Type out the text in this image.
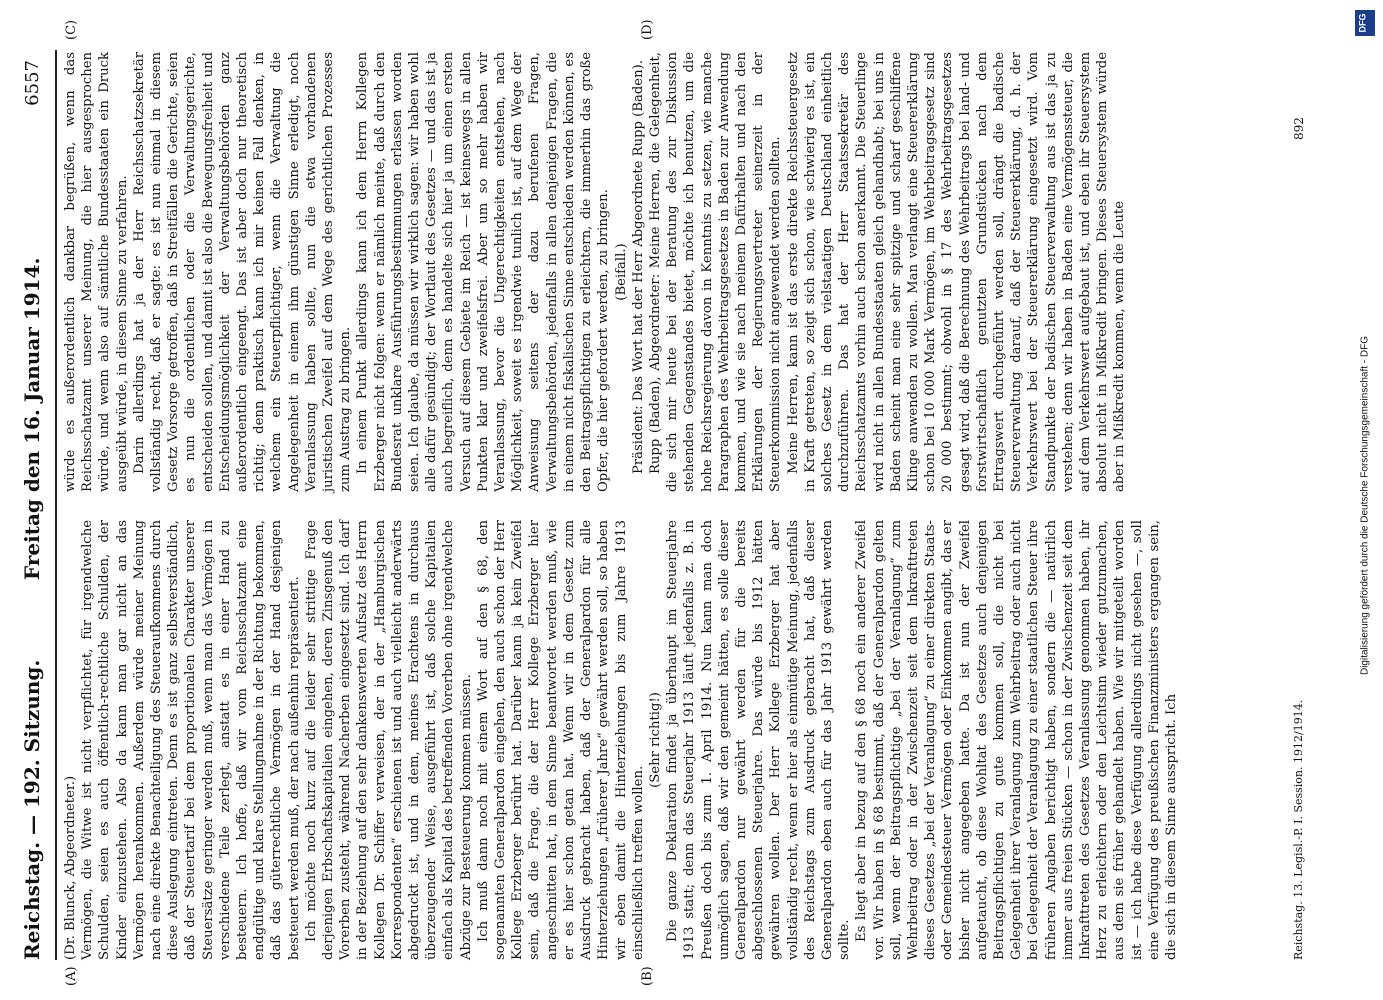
Reichstag. — 192. Sitzung.
Freitag den 16. Januar 1914.
6557
(A)	(B)
(C)	(D)

(Dr. Blunck, Abgeordneter.) Vermögen, die Witwe ist nicht verpflichtet, für irgendwelche Schulden, seien es auch öffentlich-rechtliche Schulden, der Kinder einzustehen. Also da kann man gar nicht an das Vermögen herankommen. Außerdem würde meiner Meinung nach eine direkte Benachteiligung des Steueraufkommens durch diese Auslegung eintreten. Denn es ist ganz selbstverständlich, daß der Steuertarif bei dem proportionalen Charakter unserer Steuersätze geringer werden muß, wenn man das Vermögen in verschiedene Teile zerlegt, anstatt es in einer Hand zu besteuern. Ich hoffe, daß wir vom Reichsschatzamt eine endgültige und klare Stellungnahme in der Richtung bekommen, daß das güterrechtliche Vermögen in der Hand desjenigen besteuert werden muß, der nach außenhin repräsentiert. Ich möchte noch kurz auf die leider sehr strittige Frage derjenigen Erbschaftskapitalien eingehen, deren Zinsgenuß den Vorerben zusteht, während Nacherben eingesetzt sind. Ich darf in der Beziehung auf den sehr dankenswerten Aufsatz des Herrn Kollegen Dr. Schiffer verweisen, der in der „Hamburgischen Korrespondenten“ erschienen ist und auch vielleicht anderwärts abgedruckt ist, und in dem, meines Erachtens in durchaus überzeugender Weise, ausgeführt ist, daß solche Kapitalien einfach als Kapital des betreffenden Vorerben ohne irgendwelche Abzüge zur Besteuerung kommen müssen. Ich muß dann noch mit einem Wort auf den § 68, den sogenannten Generalpardon eingehen, den auch schon der Herr Kollege Erzberger berührt hat. Darüber kann ja kein Zweifel sein, daß die Frage, die der Herr Kollege Erzberger hier angeschnitten hat, in dem Sinne beantwortet werden muß, wie er es hier schon getan hat. Wenn wir in dem Gesetz zum Ausdruck gebracht haben, daß der Generalpardon für alle Hinterziehungen „früherer Jahre“ gewährt werden soll, so haben wir eben damit die Hinterziehungen bis zum Jahre 1913 einschließlich treffen wollen.

(Sehr richtig!) Die ganze Deklaration findet ja überhaupt im Steuerjahre 1913 statt; denn das Steuerjahr 1913 läuft jedenfalls z. B. in Preußen doch bis zum 1. April 1914. Nun kann man doch unmöglich sagen, daß wir den gemeint hätten, es solle dieser Generalpardon nur gewährt werden für die bereits abgeschlossenen Steuerjahre. Das würde bis 1912 hätten gewähren wollen. Der Herr Kollege Erzberger hat aber vollständig recht, wenn er hier als einmütige Meinung, jedenfalls des Reichstags zum Ausdruck gebracht hat, daß dieser Generalpardon eben auch für das Jahr 1913 gewährt werden sollte. Es liegt aber in bezug auf den § 68 noch ein anderer Zweifel vor. Wir haben in § 68 bestimmt, daß der Generalpardon gelten soll, wenn der Beitragspflichtige „bei der Veranlagung“ zum Wehrbeitrag oder in der Zwischenzeit seit dem Inkrafttreten dieses Gesetzes „bei der Veranlagung“ zu einer direkten Staats- oder Gemeindesteuer Vermögen oder Einkommen angibt, das er bisher nicht angegeben hatte. Da ist nun der Zweifel aufgetaucht, ob diese Wohltat des Gesetzes auch denjenigen Beitragspflichtigen zu gute kommen soll, die nicht bei Gelegenheit ihrer Veranlagung zum Wehrbeitrag oder auch nicht bei Gelegenheit der Veranlagung zu einer staatlichen Steuer ihre früheren Angaben berichtigt haben, sondern die — natürlich immer aus freien Stücken — schon in der Zwischenzeit seit dem Inkrafttreten des Gesetzes Veranlassung genommen haben, ihr Herz zu erleichtern oder den Leichtsinn wieder gutzumachen, aus dem sie früher gehandelt haben. Wie wir mitgeteilt worden ist — ich habe diese Verfügung allerdings nicht gesehen —, soll eine Verfügung des preußischen Finanzministers ergangen sein, die sich in diesem Sinne ausspricht. Ich

würde es außerordentlich dankbar begrüßen, wenn das Reichsschatzamt unserer Meinung, die hier ausgesprochen würde, und wenn also auf sämtliche Bundesstaaten ein Druck ausgeübt würde, in diesem Sinne zu verfahren. Darin allerdings hat ja der Herr Reichsschatzsekretär vollständig recht, daß er sagte: es ist nun einmal in diesem Gesetz Vorsorge getroffen, daß in Streitfällen die Gerichte, seien es nun die ordentlichen oder die Verwaltungsgerichte, entscheiden sollen, und damit ist also die Bewegungsfreiheit und Entscheidungsmöglichkeit der Verwaltungsbehörden ganz außerordentlich eingeengt. Das ist aber doch nur theoretisch richtig; denn praktisch kann ich mir keinen Fall denken, in welchem ein Steuerpflichtiger, wenn die Verwaltung die Angelegenheit in einem ihm günstigen Sinne erledigt, noch Veranlassung haben sollte, nun die etwa vorhandenen juristischen Zweifel auf dem Wege des gerichtlichen Prozesses zum Austrag zu bringen. In einem Punkt allerdings kann ich dem Herrn Kollegen Erzberger nicht folgen: wenn er nämlich meinte, daß durch den Bundesrat unklare Ausführungsbestimmungen erlassen worden seien. Ich glaube, da müssen wir wirklich sagen: wir haben wohl alle dafür gesündigt; der Wortlaut des Gesetzes — und das ist ja auch begreiflich, denn es handelte sich hier ja um einen ersten Versuch auf diesem Gebiete im Reich — ist keineswegs in allen Punkten klar und zweifelsfrei. Aber um so mehr haben wir Veranlassung, bevor die Ungerechtigkeiten entstehen, nach Möglichkeit, soweit es irgendwie tunlich ist, auf dem Wege der Anweisung seitens der dazu berufenen Fragen, Verwaltungsbehörden, jedenfalls in allen denjenigen Fragen, die in einem nicht fiskalischen Sinne entschieden werden können, es den Beitragspflichtigen zu erleichtern, die immerhin das große Opfer, die hier gefordert werden, zu bringen. (Beifall.) Präsident: Das Wort hat der Herr Abgeordnete Rupp (Baden). Rupp (Baden), Abgeordneter: Meine Herren, die Gelegenheit, die sich mir heute bei der Beratung des zur Diskussion stehenden Gegenstandes bietet, möchte ich benutzen, um die hohe Reichsregierung davon in Kenntnis zu setzen, wie manche Paragraphen des Wehrbeitragsgesetzes in Baden zur Anwendung kommen, und wie sie nach meinem Dafürhalten und nach den Erklärungen der Regierungsvertreter seinerzeit in der Steuerkommission nicht angewendet werden sollten. Meine Herren, kann ist das erste direkte Reichssteuergesetz in Kraft getreten, so zeigt sich schon, wie schwierig es ist, ein solches Gesetz in dem vielstaatigen Deutschland einheitlich durchzuführen. Das hat der Herr Staatssekretär des Reichsschatzamts vorhin auch schon anerkannt. Die Steuerlinge wird nicht in allen Bundesstaaten gleich gehandhabt; bei uns in Baden scheint man eine sehr spitzige und scharf geschliffene Klinge anwenden zu wollen. Man verlangt eine Steuererklärung schon bei 10 000 Mark Vermögen, im Wehrbeitragsgesetz sind 20 000 bestimmt; obwohl in § 17 des Wehrbeitragsgesetzes gesagt wird, daß die Berechnung des Wehrbeitrags bei land- und forstwirtschaftlich genutzten Grundstücken nach dem Ertragswert durchgeführt werden soll, drängt die badische Steuerverwaltung darauf, daß der Steuererklärung, d. h. der Verkehrswert bei der Steuererklärung eingesetzt wird. Vom Standpunkte der badischen Steuerverwaltung aus ist das ja zu verstehen; denn wir haben in Baden eine Vermögenssteuer, die auf dem Verkehrswert aufgebaut ist, und eben ihr Steuersystem absolut nicht in Mißkredit bringen. Dieses Steuersystem würde aber in Mißkredit kommen, wenn die Leute

Reichstag. 13. Legisl.-P. I. Session. 1912/1914.
892
DFG
Digitalisierung gefördert durch die Deutsche Forschungsgemeinschaft - DFG
